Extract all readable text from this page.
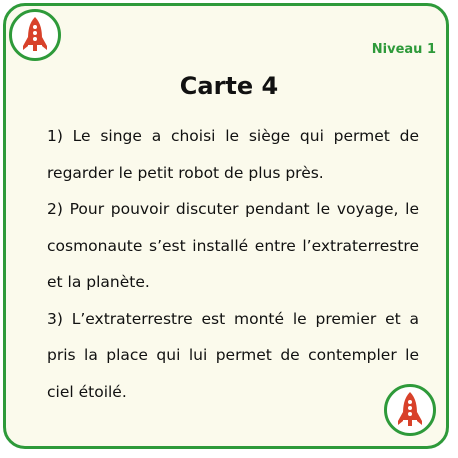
Niveau 1
Carte 4

1) Le singe a choisi le siège qui permet de regarder le petit robot de plus près.

2) Pour pouvoir discuter pendant le voyage, le cosmonaute s’est installé entre l’extraterrestre et la planète.

3) L’extraterrestre est monté le premier et a pris la place qui lui permet de contempler le ciel étoilé.
